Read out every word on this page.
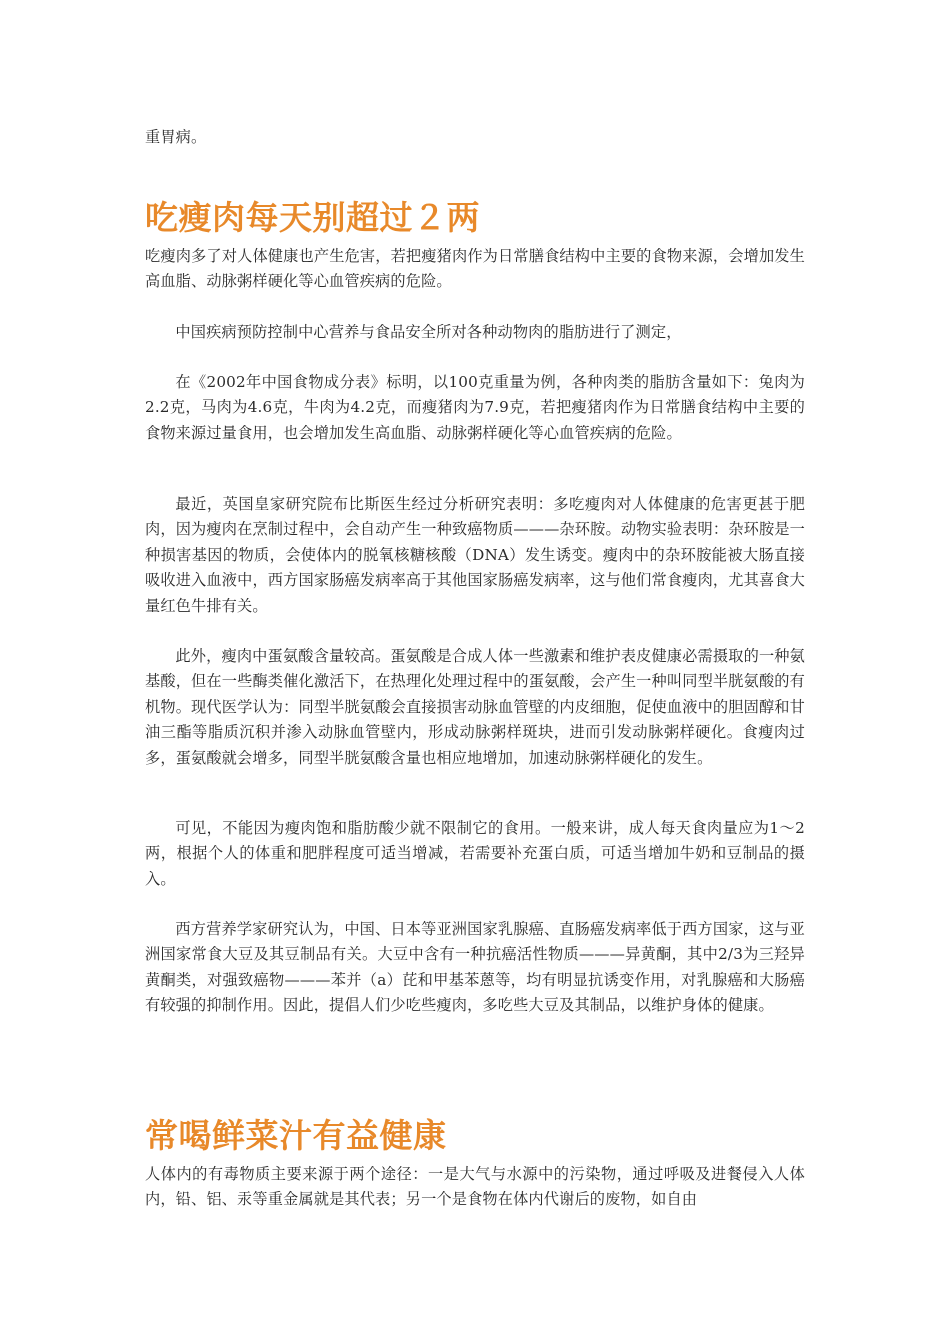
重胃病。

吃瘦肉每天别超过２两

吃瘦肉多了对人体健康也产生危害，若把瘦猪肉作为日常膳食结构中主要的食物来源，会增加发生高血脂、动脉粥样硬化等心血管疾病的危险。

中国疾病预防控制中心营养与食品安全所对各种动物肉的脂肪进行了测定，

在《2002年中国食物成分表》标明，以100克重量为例，各种肉类的脂肪含量如下：兔肉为2.2克，马肉为4.6克，牛肉为4.2克，而瘦猪肉为7.9克，若把瘦猪肉作为日常膳食结构中主要的食物来源过量食用，也会增加发生高血脂、动脉粥样硬化等心血管疾病的危险。

最近，英国皇家研究院布比斯医生经过分析研究表明：多吃瘦肉对人体健康的危害更甚于肥肉，因为瘦肉在烹制过程中，会自动产生一种致癌物质———杂环胺。动物实验表明：杂环胺是一种损害基因的物质，会使体内的脱氧核糖核酸（DNA）发生诱变。瘦肉中的杂环胺能被大肠直接吸收进入血液中，西方国家肠癌发病率高于其他国家肠癌发病率，这与他们常食瘦肉，尤其喜食大量红色牛排有关。

此外，瘦肉中蛋氨酸含量较高。蛋氨酸是合成人体一些激素和维护表皮健康必需摄取的一种氨基酸，但在一些酶类催化激活下，在热理化处理过程中的蛋氨酸，会产生一种叫同型半胱氨酸的有机物。现代医学认为：同型半胱氨酸会直接损害动脉血管壁的内皮细胞，促使血液中的胆固醇和甘油三酯等脂质沉积并渗入动脉血管壁内，形成动脉粥样斑块，进而引发动脉粥样硬化。食瘦肉过多，蛋氨酸就会增多，同型半胱氨酸含量也相应地增加，加速动脉粥样硬化的发生。

可见，不能因为瘦肉饱和脂肪酸少就不限制它的食用。一般来讲，成人每天食肉量应为1～2两，根据个人的体重和肥胖程度可适当增减，若需要补充蛋白质，可适当增加牛奶和豆制品的摄入。

西方营养学家研究认为，中国、日本等亚洲国家乳腺癌、直肠癌发病率低于西方国家，这与亚洲国家常食大豆及其豆制品有关。大豆中含有一种抗癌活性物质———异黄酮，其中2/3为三羟异黄酮类，对强致癌物———苯并（a）芘和甲基苯蒽等，均有明显抗诱变作用，对乳腺癌和大肠癌有较强的抑制作用。因此，提倡人们少吃些瘦肉，多吃些大豆及其制品，以维护身体的健康。

常喝鲜菜汁有益健康

人体内的有毒物质主要来源于两个途径：一是大气与水源中的污染物，通过呼吸及进餐侵入人体内，铅、铝、汞等重金属就是其代表；另一个是食物在体内代谢后的废物，如自由
